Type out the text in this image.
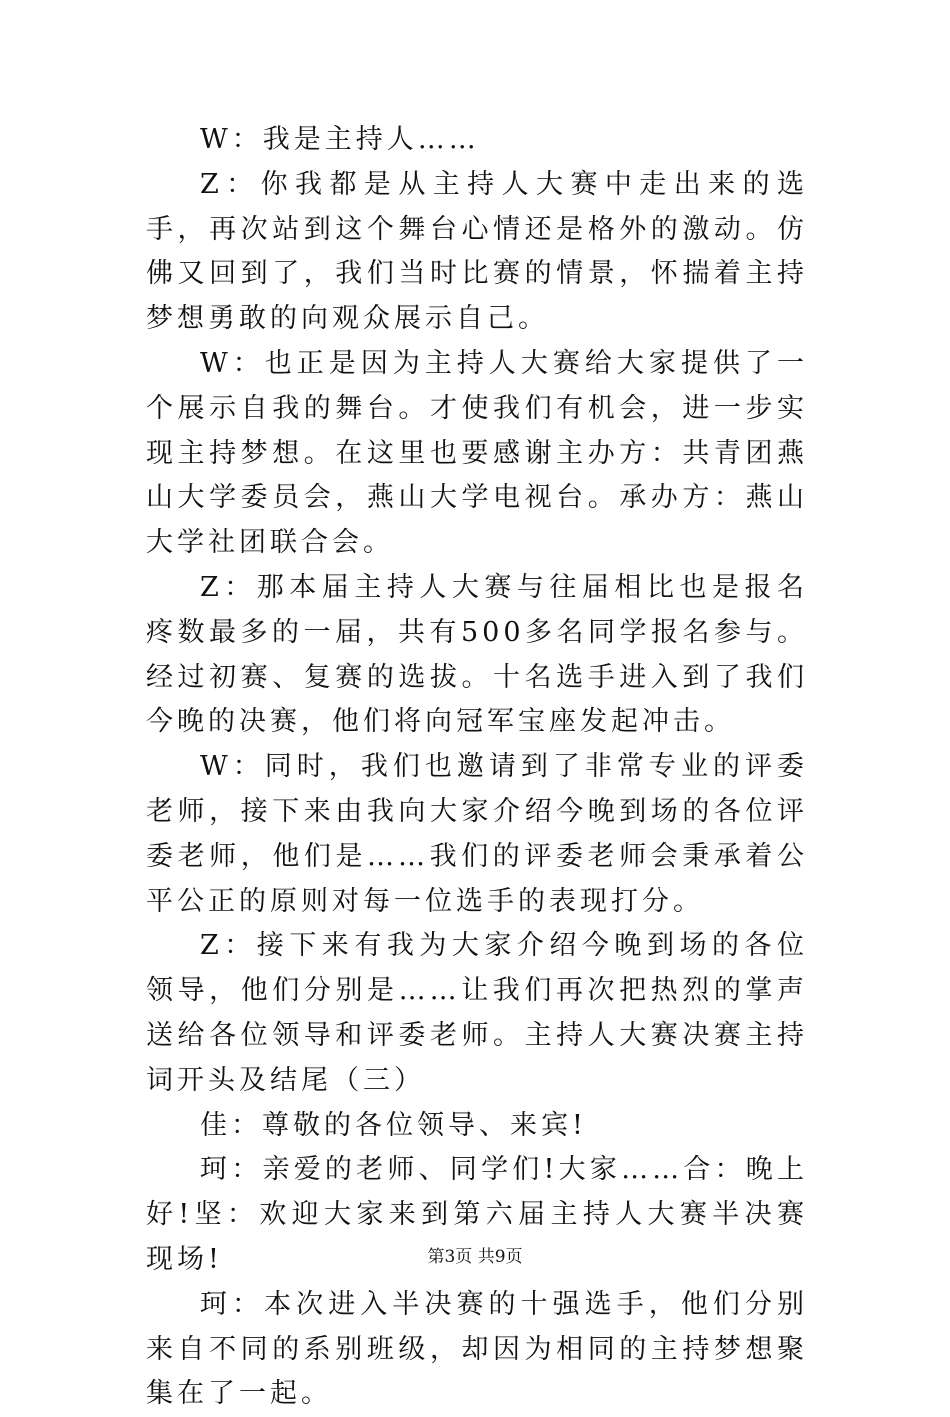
W：我是主持人……

Z：你我都是从主持人大赛中走出来的选手，再次站到这个舞台心情还是格外的激动。仿佛又回到了，我们当时比赛的情景，怀揣着主持梦想勇敢的向观众展示自己。

W：也正是因为主持人大赛给大家提供了一个展示自我的舞台。才使我们有机会，进一步实现主持梦想。在这里也要感谢主办方：共青团燕山大学委员会，燕山大学电视台。承办方：燕山大学社团联合会。

Z：那本届主持人大赛与往届相比也是报名疼数最多的一届，共有500多名同学报名参与。经过初赛、复赛的选拔。十名选手进入到了我们今晚的决赛，他们将向冠军宝座发起冲击。

W：同时，我们也邀请到了非常专业的评委老师，接下来由我向大家介绍今晚到场的各位评委老师，他们是……我们的评委老师会秉承着公平公正的原则对每一位选手的表现打分。

Z：接下来有我为大家介绍今晚到场的各位领导，他们分别是……让我们再次把热烈的掌声送给各位领导和评委老师。主持人大赛决赛主持词开头及结尾（三）

佳：尊敬的各位领导、来宾!

珂：亲爱的老师、同学们!大家……合：晚上好!坚：欢迎大家来到第六届主持人大赛半决赛现场!

珂：本次进入半决赛的十强选手，他们分别来自不同的系别班级，却因为相同的主持梦想聚集在了一起。

第3页 共9页
